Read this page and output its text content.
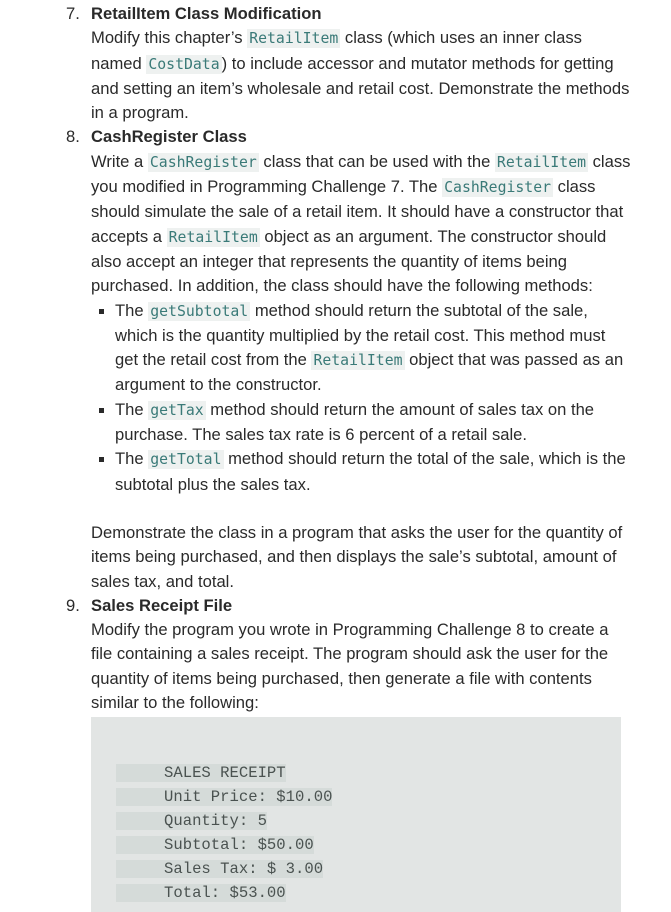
7. RetailItem Class Modification
Modify this chapter’s RetailItem class (which uses an inner class named CostData ) to include accessor and mutator methods for getting and setting an item’s wholesale and retail cost. Demonstrate the methods in a program.
8. CashRegister Class
Write a CashRegister class that can be used with the RetailItem class you modified in Programming Challenge 7. The CashRegister class should simulate the sale of a retail item. It should have a constructor that accepts a RetailItem object as an argument. The constructor should also accept an integer that represents the quantity of items being purchased. In addition, the class should have the following methods:
The getSubtotal method should return the subtotal of the sale, which is the quantity multiplied by the retail cost. This method must get the retail cost from the RetailItem object that was passed as an argument to the constructor.
The getTax method should return the amount of sales tax on the purchase. The sales tax rate is 6 percent of a retail sale.
The getTotal method should return the total of the sale, which is the subtotal plus the sales tax.
Demonstrate the class in a program that asks the user for the quantity of items being purchased, and then displays the sale’s subtotal, amount of sales tax, and total.
9. Sales Receipt File
Modify the program you wrote in Programming Challenge 8 to create a file containing a sales receipt. The program should ask the user for the quantity of items being purchased, then generate a file with contents similar to the following:
SALES RECEIPT
Unit Price: $10.00
Quantity: 5
Subtotal: $50.00
Sales Tax: $ 3.00
Total: $53.00
